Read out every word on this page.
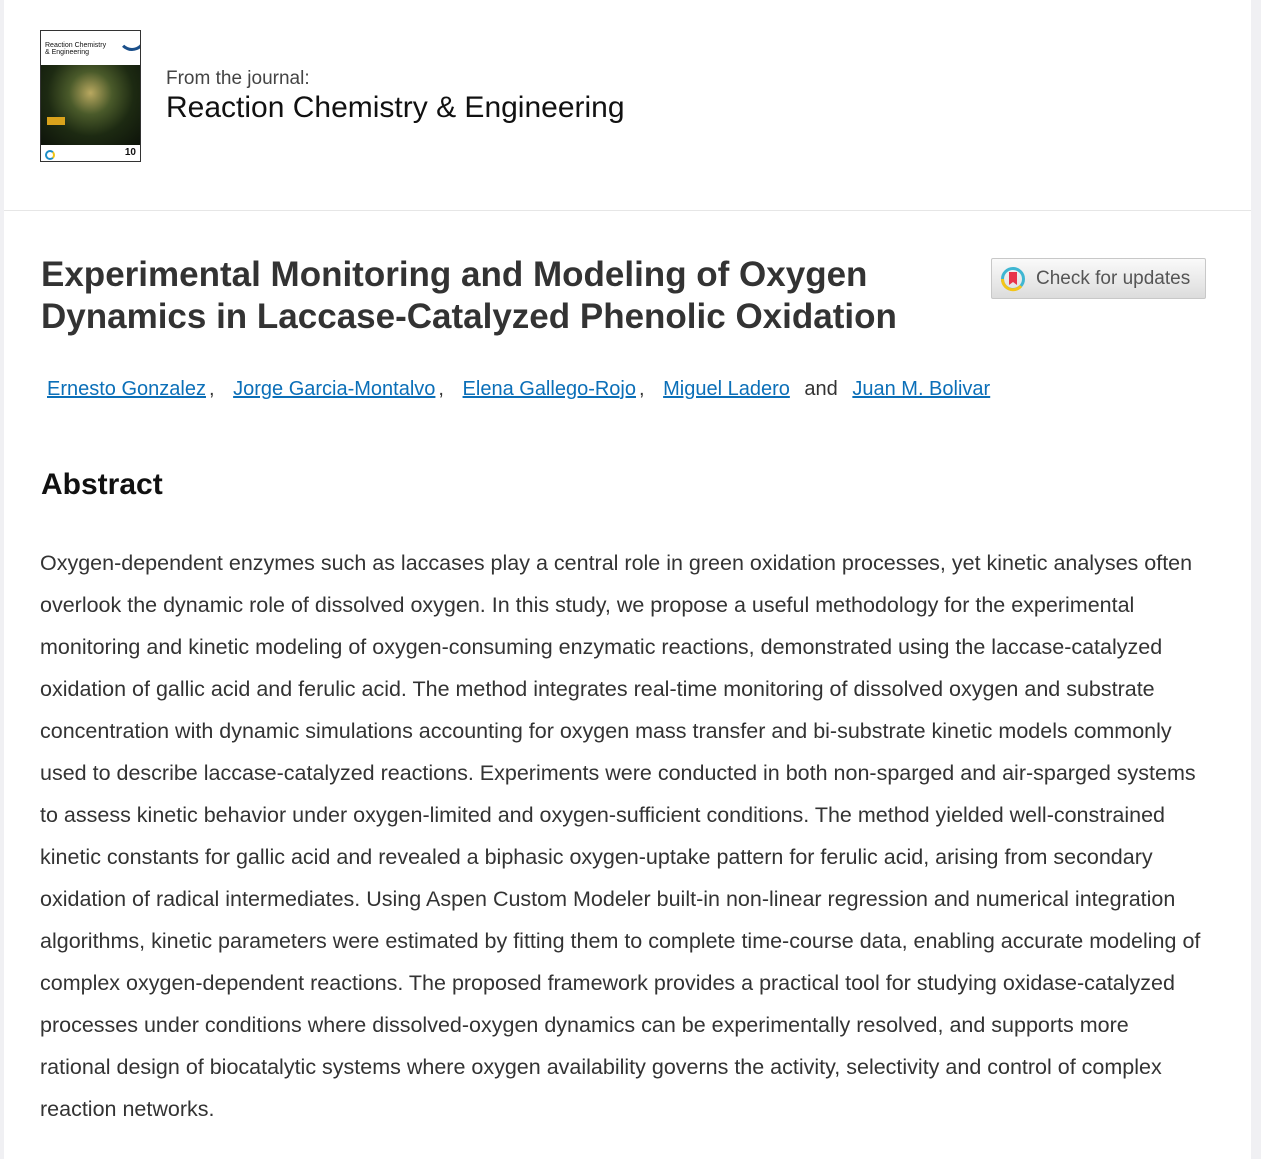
Reaction Chemistry
& Engineering
10
From the journal:
Reaction Chemistry & Engineering
Experimental Monitoring and Modeling of Oxygen Dynamics in Laccase-Catalyzed Phenolic Oxidation
Check for updates
Ernesto Gonzalez , Jorge Garcia-Montalvo , Elena Gallego-Rojo , Miguel Ladero and Juan M. Bolivar
Abstract

Oxygen-dependent enzymes such as laccases play a central role in green oxidation processes, yet kinetic analyses often overlook the dynamic role of dissolved oxygen. In this study, we propose a useful methodology for the experimental monitoring and kinetic modeling of oxygen-consuming enzymatic reactions, demonstrated using the laccase-catalyzed oxidation of gallic acid and ferulic acid. The method integrates real-time monitoring of dissolved oxygen and substrate concentration with dynamic simulations accounting for oxygen mass transfer and bi-substrate kinetic models commonly used to describe laccase-catalyzed reactions. Experiments were conducted in both non-sparged and air-sparged systems to assess kinetic behavior under oxygen-limited and oxygen-sufficient conditions. The method yielded well-constrained kinetic constants for gallic acid and revealed a biphasic oxygen-uptake pattern for ferulic acid, arising from secondary oxidation of radical intermediates. Using Aspen Custom Modeler built-in non-linear regression and numerical integration algorithms, kinetic parameters were estimated by fitting them to complete time-course data, enabling accurate modeling of complex oxygen-dependent reactions. The proposed framework provides a practical tool for studying oxidase-catalyzed processes under conditions where dissolved-oxygen dynamics can be experimentally resolved, and supports more rational design of biocatalytic systems where oxygen availability governs the activity, selectivity and control of complex reaction networks.
